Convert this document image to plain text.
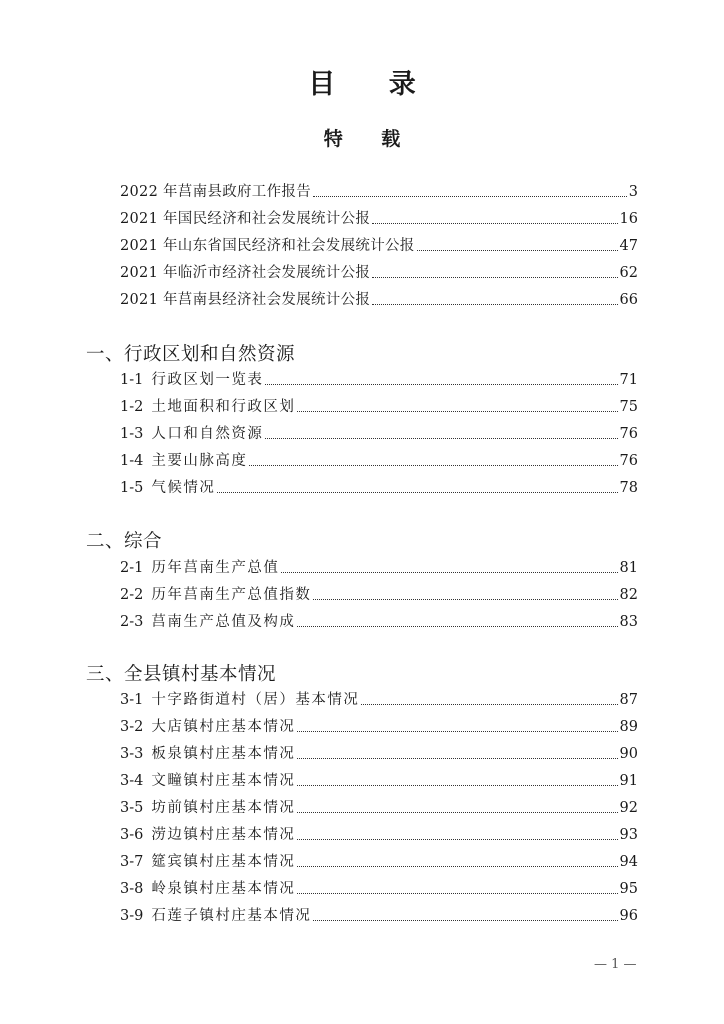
目 录
特 载
2022 年莒南县政府工作报告	3
2021 年国民经济和社会发展统计公报	16
2021 年山东省国民经济和社会发展统计公报	47
2021 年临沂市经济社会发展统计公报	62
2021 年莒南县经济社会发展统计公报	66
一、行政区划和自然资源
1-1 行政区划一览表	71
1-2 土地面积和行政区划	75
1-3 人口和自然资源	76
1-4 主要山脉高度	76
1-5 气候情况	78
二、综合
2-1 历年莒南生产总值	81
2-2 历年莒南生产总值指数	82
2-3 莒南生产总值及构成	83
三、全县镇村基本情况
3-1 十字路街道村（居）基本情况	87
3-2 大店镇村庄基本情况	89
3-3 板泉镇村庄基本情况	90
3-4 文疃镇村庄基本情况	91
3-5 坊前镇村庄基本情况	92
3-6 涝边镇村庄基本情况	93
3-7 筵宾镇村庄基本情况	94
3-8 岭泉镇村庄基本情况	95
3-9 石莲子镇村庄基本情况	96
— 1 —
